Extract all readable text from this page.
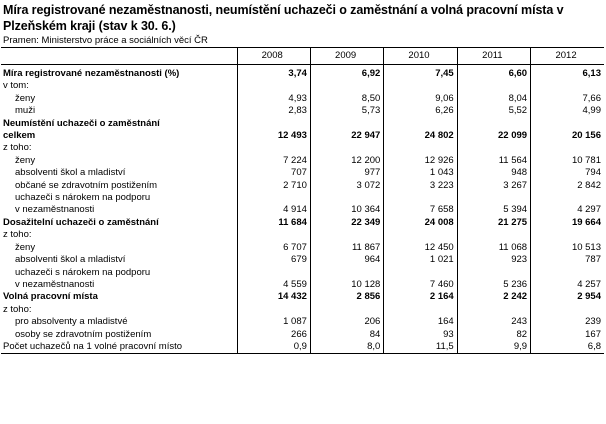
Míra registrované nezaměstnanosti, neumístění uchazeči o zaměstnání a volná pracovní místa v Plzeňském kraji (stav k 30. 6.)
Pramen: Ministerstvo práce a sociálních věcí ČR
	2008	2009	2010	2011	2012

Míra registrované nezaměstnanosti (%)	3,74	6,92	7,45	6,60	6,13
v tom:					
ženy	4,93	8,50	9,06	8,04	7,66
muži	2,83	5,73	6,26	5,52	4,99
Neumístění uchazeči o zaměstnání					
celkem	12 493	22 947	24 802	22 099	20 156
z toho:					
ženy	7 224	12 200	12 926	11 564	10 781
absolventi škol a mladiství	707	977	1 043	948	794
občané se zdravotním postižením	2 710	3 072	3 223	3 267	2 842
uchazeči s nárokem na podporu					
v nezaměstnanosti	4 914	10 364	7 658	5 394	4 297
Dosažitelní uchazeči o zaměstnání	11 684	22 349	24 008	21 275	19 664
z toho:					
ženy	6 707	11 867	12 450	11 068	10 513
absolventi škol a mladiství	679	964	1 021	923	787
uchazeči s nárokem na podporu					
v nezaměstnanosti	4 559	10 128	7 460	5 236	4 257
Volná pracovní místa	14 432	2 856	2 164	2 242	2 954
z toho:					
pro absolventy a mladistvé	1 087	206	164	243	239
osoby se zdravotním postižením	266	84	93	82	167
Počet uchazečů na 1 volné pracovní místo	0,9	8,0	11,5	9,9	6,8
